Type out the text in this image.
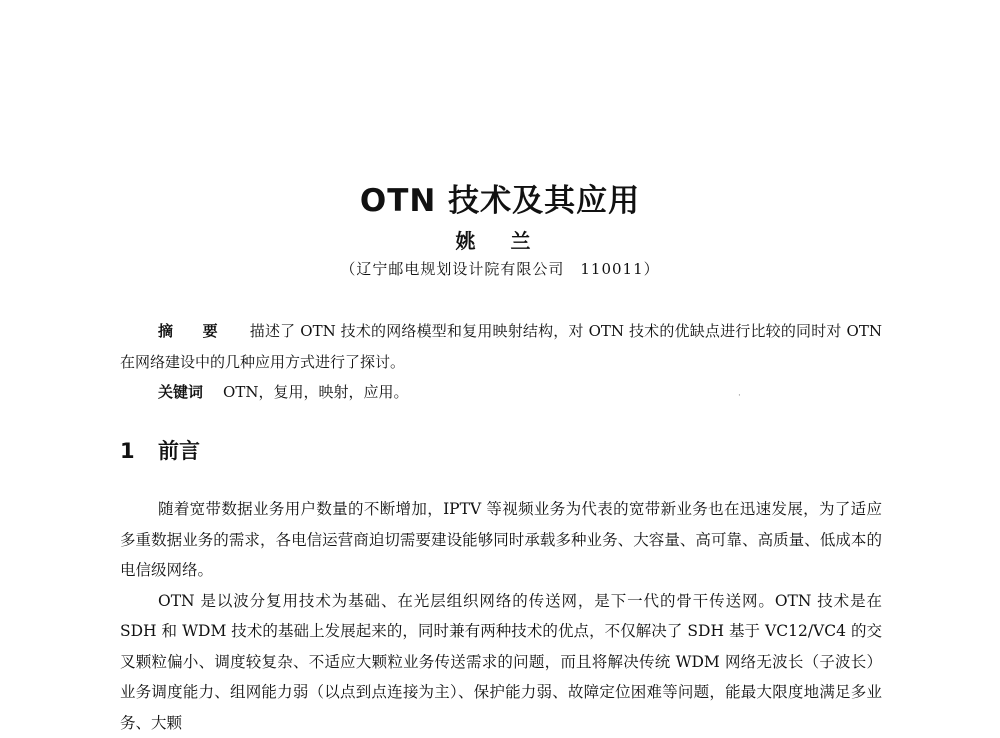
OTN 技术及其应用
姚 兰
（辽宁邮电规划设计院有限公司　110011）
摘 要 描述了 OTN 技术的网络模型和复用映射结构，对 OTN 技术的优缺点进行比较的同时对 OTN 在网络建设中的几种应用方式进行了探讨。
关键词 OTN，复用，映射，应用。	·
1 前言

随着宽带数据业务用户数量的不断增加，IPTV 等视频业务为代表的宽带新业务也在迅速发展，为了适应多重数据业务的需求，各电信运营商迫切需要建设能够同时承载多种业务、大容量、高可靠、高质量、低成本的电信级网络。

OTN 是以波分复用技术为基础、在光层组织网络的传送网，是下一代的骨干传送网。OTN 技术是在 SDH 和 WDM 技术的基础上发展起来的，同时兼有两种技术的优点，不仅解决了 SDH 基于 VC12/VC4 的交叉颗粒偏小、调度较复杂、不适应大颗粒业务传送需求的问题，而且将解决传统 WDM 网络无波长（子波长）业务调度能力、组网能力弱（以点到点连接为主）、保护能力弱、故障定位困难等问题，能最大限度地满足多业务、大颗
